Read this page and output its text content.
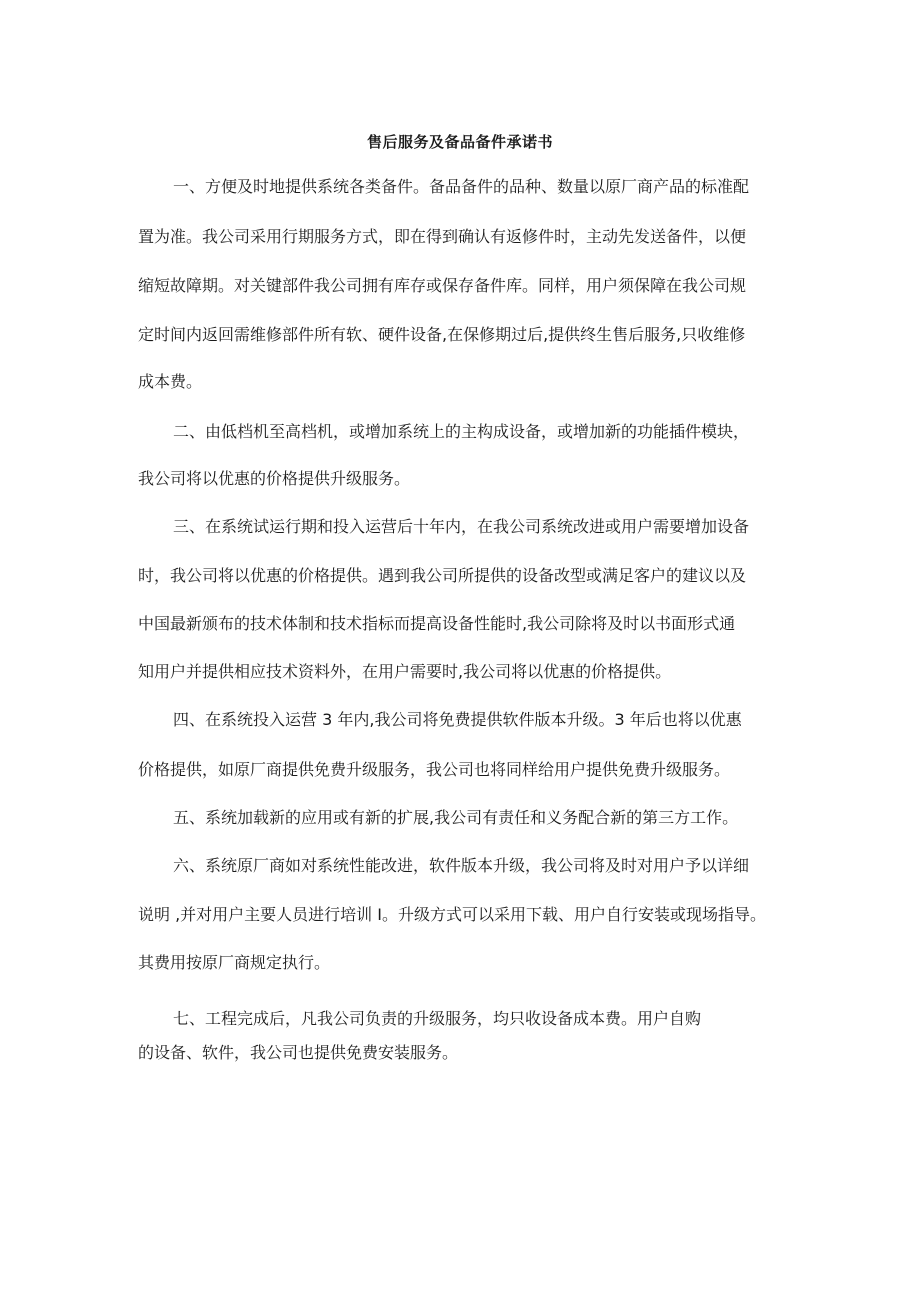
售后服务及备品备件承诺书
一、方便及时地提供系统各类备件。备品备件的品种、数量以原厂商产品的标准配
置为准。我公司采用行期服务方式，即在得到确认有返修件时，主动先发送备件，以便
缩短故障期。对关键部件我公司拥有库存或保存备件库。同样，用户须保障在我公司规
定时间内返回需维修部件所有软、硬件设备,在保修期过后,提供终生售后服务,只收维修
成本费。
二、由低档机至高档机，或增加系统上的主构成设备，或增加新的功能插件模块，
我公司将以优惠的价格提供升级服务。
三、在系统试运行期和投入运营后十年内，在我公司系统改进或用户需要增加设备
时，我公司将以优惠的价格提供。遇到我公司所提供的设备改型或满足客户的建议以及
中国最新颁布的技术体制和技术指标而提高设备性能时,我公司除将及时以书面形式通
知用户并提供相应技术资料外，在用户需要时,我公司将以优惠的价格提供。
四、在系统投入运营 3 年内,我公司将免费提供软件版本升级。3 年后也将以优惠
价格提供，如原厂商提供免费升级服务，我公司也将同样给用户提供免费升级服务。
五、系统加载新的应用或有新的扩展,我公司有责任和义务配合新的第三方工作。
六、系统原厂商如对系统性能改进，软件版本升级，我公司将及时对用户予以详细
说明 ,并对用户主要人员进行培训 I。升级方式可以采用下载、用户自行安装或现场指导。
其费用按原厂商规定执行。
七、工程完成后，凡我公司负责的升级服务，均只收设备成本费。用户自购
的设备、软件，我公司也提供免费安装服务。
